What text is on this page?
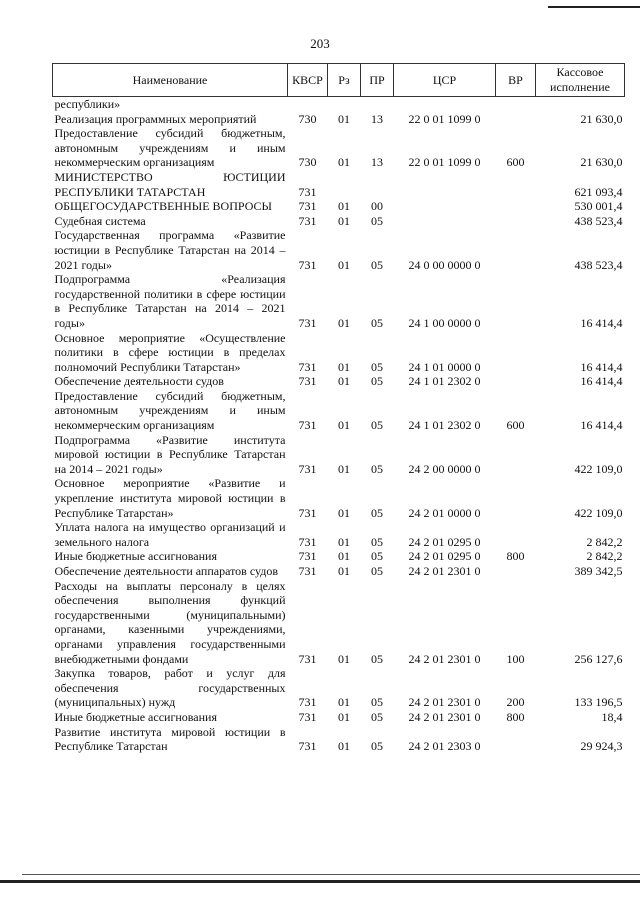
203
Наименование	КВСР	Рз	ПР	ЦСР	ВР	Кассовое исполнение
республики»						
Реализация программных мероприятий	730	01	13	22 0 01 1099 0		21 630,0
Предоставление субсидий бюджетным, автономным учреждениям и иным некоммерческим организациям	730	01	13	22 0 01 1099 0	600	21 630,0
МИНИСТЕРСТВО ЮСТИЦИИ РЕСПУБЛИКИ ТАТАРСТАН	731					621 093,4
ОБЩЕГОСУДАРСТВЕННЫЕ ВОПРОСЫ	731	01	00			530 001,4
Судебная система	731	01	05			438 523,4
Государственная программа «Развитие юстиции в Республике Татарстан на 2014 – 2021 годы»	731	01	05	24 0 00 0000 0		438 523,4
Подпрограмма «Реализация государственной политики в сфере юстиции в Республике Татарстан на 2014 – 2021 годы»	731	01	05	24 1 00 0000 0		16 414,4
Основное мероприятие «Осуществление политики в сфере юстиции в пределах полномочий Республики Татарстан»	731	01	05	24 1 01 0000 0		16 414,4
Обеспечение деятельности судов	731	01	05	24 1 01 2302 0		16 414,4
Предоставление субсидий бюджетным, автономным учреждениям и иным некоммерческим организациям	731	01	05	24 1 01 2302 0	600	16 414,4
Подпрограмма «Развитие института мировой юстиции в Республике Татарстан на 2014 – 2021 годы»	731	01	05	24 2 00 0000 0		422 109,0
Основное мероприятие «Развитие и укрепление института мировой юстиции в Республике Татарстан»	731	01	05	24 2 01 0000 0		422 109,0
Уплата налога на имущество организаций и земельного налога	731	01	05	24 2 01 0295 0		2 842,2
Иные бюджетные ассигнования	731	01	05	24 2 01 0295 0	800	2 842,2
Обеспечение деятельности аппаратов судов	731	01	05	24 2 01 2301 0		389 342,5
Расходы на выплаты персоналу в целях обеспечения выполнения функций государственными (муниципальными) органами, казенными учреждениями, органами управления государственными внебюджетными фондами	731	01	05	24 2 01 2301 0	100	256 127,6
Закупка товаров, работ и услуг для обеспечения государственных (муниципальных) нужд	731	01	05	24 2 01 2301 0	200	133 196,5
Иные бюджетные ассигнования	731	01	05	24 2 01 2301 0	800	18,4
Развитие института мировой юстиции в Республике Татарстан	731	01	05	24 2 01 2303 0		29 924,3
